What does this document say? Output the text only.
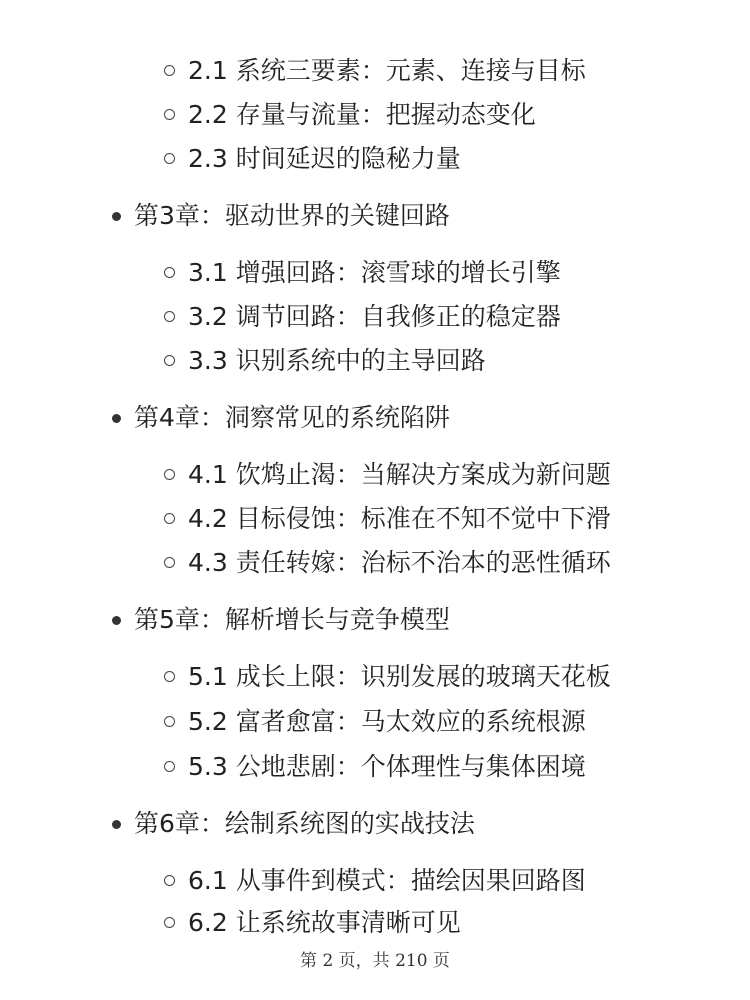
2.1 系统三要素：元素、连接与目标
2.2 存量与流量：把握动态变化
2.3 时间延迟的隐秘力量
第3章：驱动世界的关键回路
3.1 增强回路：滚雪球的增长引擎
3.2 调节回路：自我修正的稳定器
3.3 识别系统中的主导回路
第4章：洞察常见的系统陷阱
4.1 饮鸩止渴：当解决方案成为新问题
4.2 目标侵蚀：标准在不知不觉中下滑
4.3 责任转嫁：治标不治本的恶性循环
第5章：解析增长与竞争模型
5.1 成长上限：识别发展的玻璃天花板
5.2 富者愈富：马太效应的系统根源
5.3 公地悲剧：个体理性与集体困境
第6章：绘制系统图的实战技法
6.1 从事件到模式：描绘因果回路图
6.2 让系统故事清晰可见
第 2 页，共 210 页
